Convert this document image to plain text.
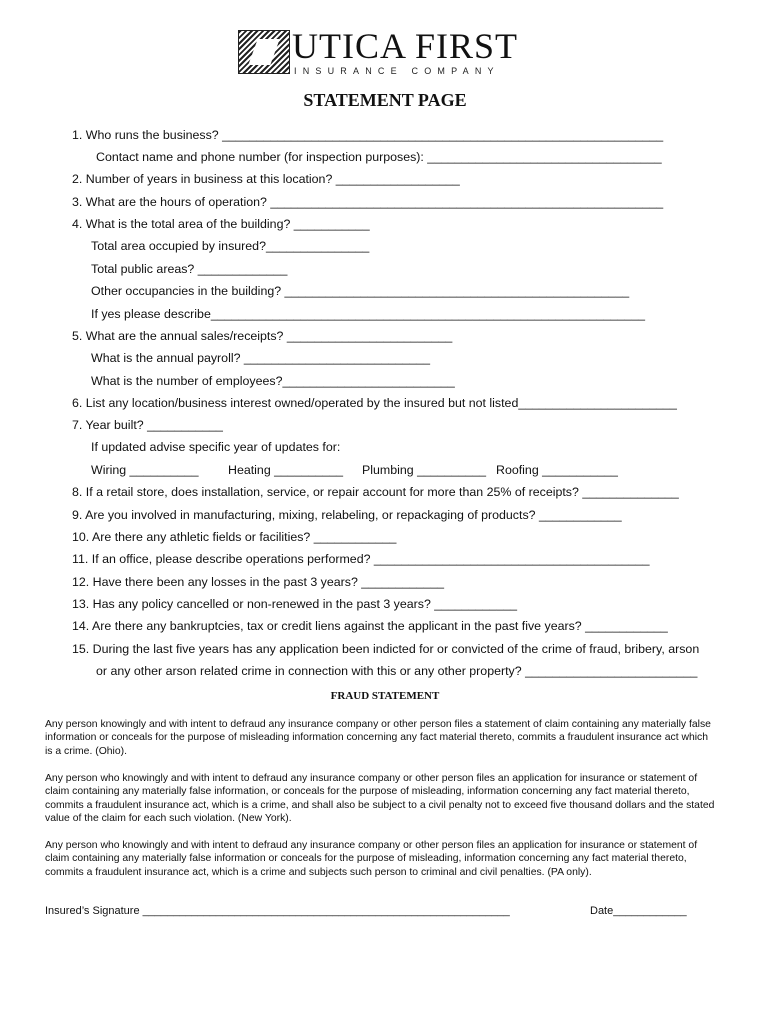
UTICA FIRST
INSURANCE COMPANY
STATEMENT PAGE
1. Who runs the business? ________________________________________________________________
Contact name and phone number (for inspection purposes): __________________________________
2. Number of years in business at this location? __________________
3. What are the hours of operation? _________________________________________________________
4. What is the total area of the building? ___________
Total area occupied by insured?_______________
Total public areas? _____________
Other occupancies in the building? __________________________________________________
If yes please describe_______________________________________________________________
5. What are the annual sales/receipts? ________________________
What is the annual payroll? ___________________________
What is the number of employees?_________________________
6. List any location/business interest owned/operated by the insured but not listed_______________________
7. Year built? ___________
If updated advise specific year of updates for:
Wiring __________ Heating __________ Plumbing __________ Roofing ___________
8. If a retail store, does installation, service, or repair account for more than 25% of receipts? ______________
9. Are you involved in manufacturing, mixing, relabeling, or repackaging of products? ____________
10. Are there any athletic fields or facilities? ____________
11. If an office, please describe operations performed? ________________________________________
12. Have there been any losses in the past 3 years? ____________
13. Has any policy cancelled or non-renewed in the past 3 years? ____________
14. Are there any bankruptcies, tax or credit liens against the applicant in the past five years? ____________
15. During the last five years has any application been indicted for or convicted of the crime of fraud, bribery, arson
or any other arson related crime in connection with this or any other property? _________________________
FRAUD STATEMENT
Any person knowingly and with intent to defraud any insurance company or other person files a statement of claim containing any materially false information or conceals for the purpose of misleading information concerning any fact material thereto, commits a fraudulent insurance act which is a crime. (Ohio).
Any person who knowingly and with intent to defraud any insurance company or other person files an application for insurance or statement of claim containing any materially false information, or conceals for the purpose of misleading, information concerning any fact material thereto, commits a fraudulent insurance act, which is a crime, and shall also be subject to a civil penalty not to exceed five thousand dollars and the stated value of the claim for each such violation. (New York).
Any person who knowingly and with intent to defraud any insurance company or other person files an application for insurance or statement of claim containing any materially false information or conceals for the purpose of misleading, information concerning any fact material thereto, commits a fraudulent insurance act, which is a crime and subjects such person to criminal and civil penalties. (PA only).
Insured’s Signature ____________________________________________________________	Date____________
